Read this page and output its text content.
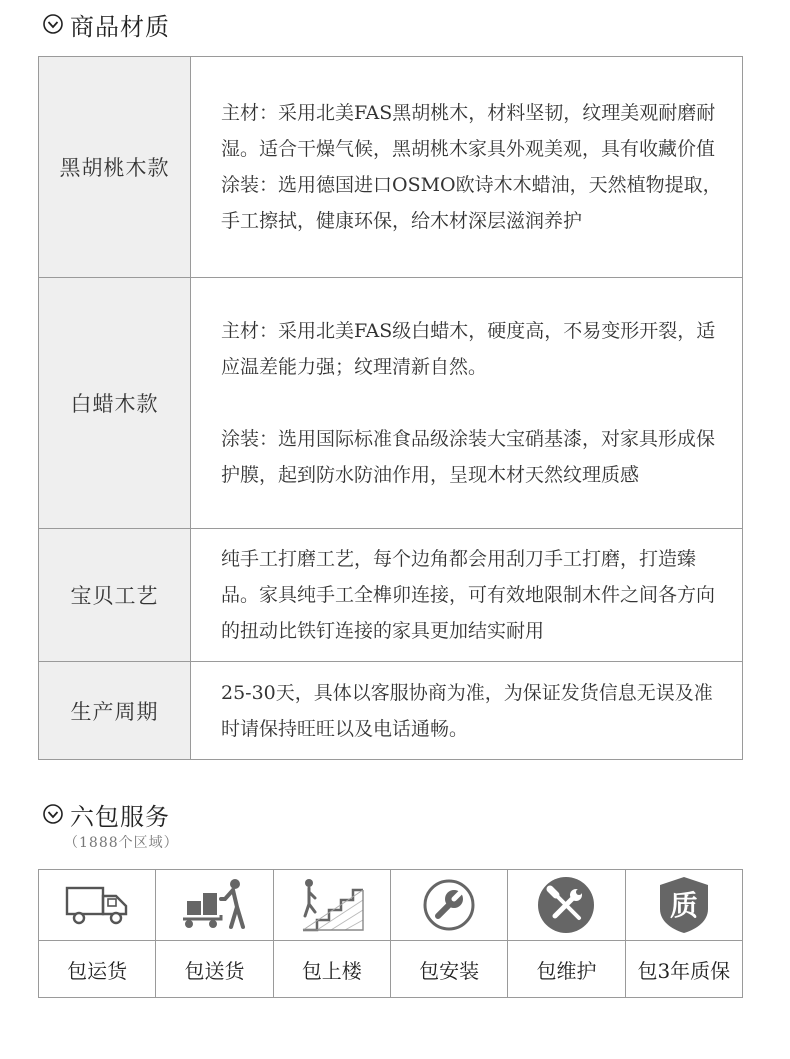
商品材质
黑胡桃木款	主材：采用北美FAS黑胡桃木，材料坚韧，纹理美观耐磨耐湿。适合干燥气候，黑胡桃木家具外观美观，具有收藏价值

涂装：选用德国进口OSMO欧诗木木蜡油，天然植物提取，手工擦拭，健康环保，给木材深层滋润养护

白蜡木款	主材：采用北美FAS级白蜡木，硬度高，不易变形开裂，适应温差能力强；纹理清新自然。

涂装：选用国际标准食品级涂装大宝硝基漆，对家具形成保护膜，起到防水防油作用，呈现木材天然纹理质感

宝贝工艺	纯手工打磨工艺，每个边角都会用刮刀手工打磨，打造臻品。家具纯手工全榫卯连接，可有效地限制木件之间各方向的扭动比铁钉连接的家具更加结实耐用

生产周期	25-30天，具体以客服协商为准，为保证发货信息无误及准时请保持旺旺以及电话通畅。

六包服务
（1888个区域）

质

包运货	包送货	包上楼	包安装	包维护	包3年质保
